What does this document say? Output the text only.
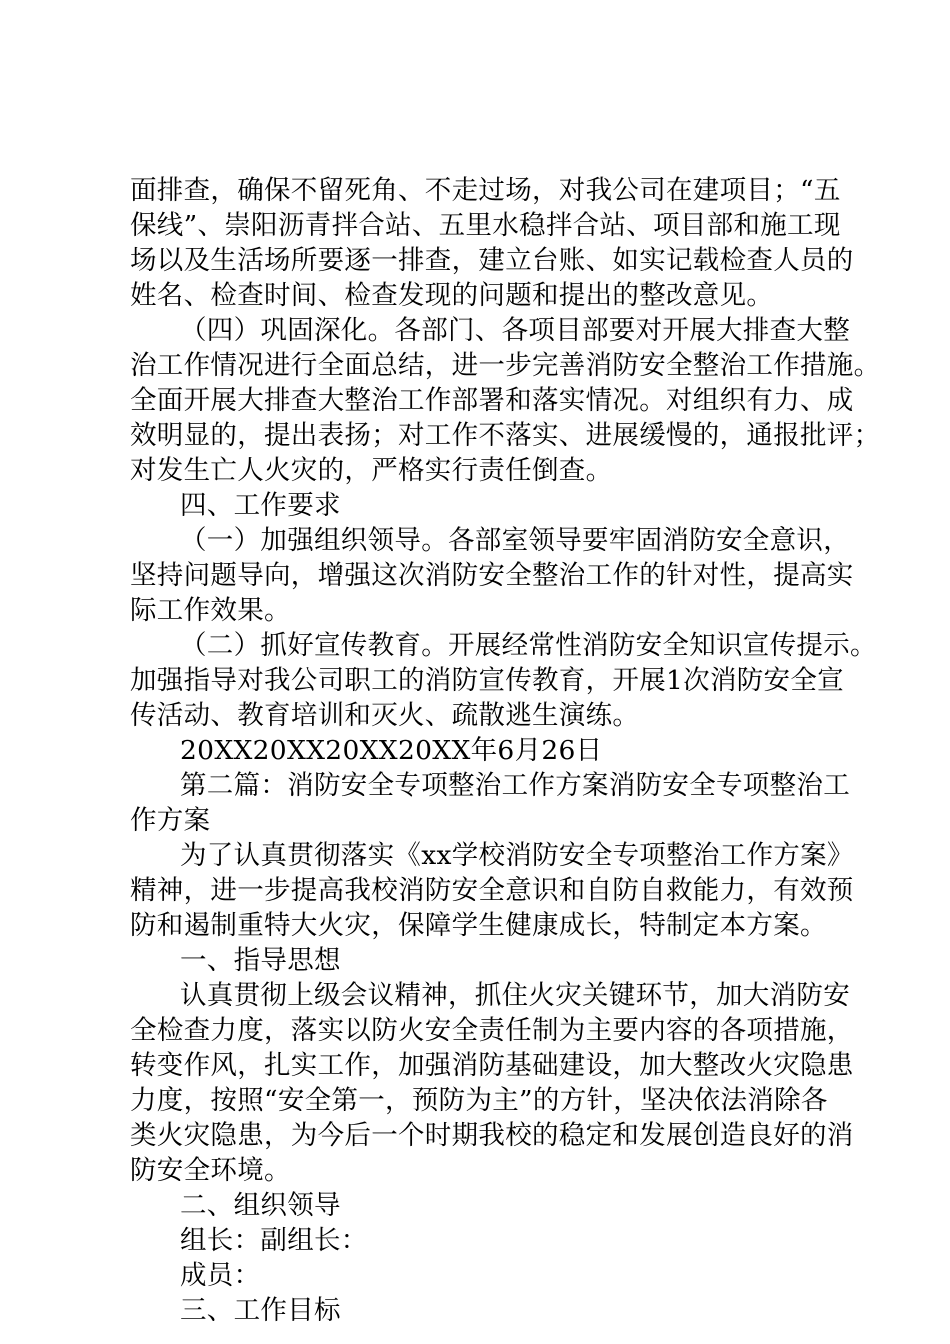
面排查，确保不留死角、不走过场，对我公司在建项目；“五
保线”、崇阳沥青拌合站、五里水稳拌合站、项目部和施工现
场以及生活场所要逐一排查，建立台账、如实记载检查人员的
姓名、检查时间、检查发现的问题和提出的整改意见。
（四）巩固深化。各部门、各项目部要对开展大排查大整
治工作情况进行全面总结，进一步完善消防安全整治工作措施。
全面开展大排查大整治工作部署和落实情况。对组织有力、成
效明显的，提出表扬；对工作不落实、进展缓慢的，通报批评；
对发生亡人火灾的，严格实行责任倒查。
四、工作要求
（一）加强组织领导。各部室领导要牢固消防安全意识，
坚持问题导向，增强这次消防安全整治工作的针对性，提高实
际工作效果。
（二）抓好宣传教育。开展经常性消防安全知识宣传提示。
加强指导对我公司职工的消防宣传教育，开展1次消防安全宣
传活动、教育培训和灭火、疏散逃生演练。
20XX20XX20XX20XX年6月26日
第二篇：消防安全专项整治工作方案消防安全专项整治工
作方案
为了认真贯彻落实《xx学校消防安全专项整治工作方案》
精神，进一步提高我校消防安全意识和自防自救能力，有效预
防和遏制重特大火灾，保障学生健康成长，特制定本方案。
一、指导思想
认真贯彻上级会议精神，抓住火灾关键环节，加大消防安
全检查力度，落实以防火安全责任制为主要内容的各项措施，
转变作风，扎实工作，加强消防基础建设，加大整改火灾隐患
力度，按照“安全第一，预防为主”的方针，坚决依法消除各
类火灾隐患，为今后一个时期我校的稳定和发展创造良好的消
防安全环境。
二、组织领导
组长：副组长：
成员：
三、工作目标
